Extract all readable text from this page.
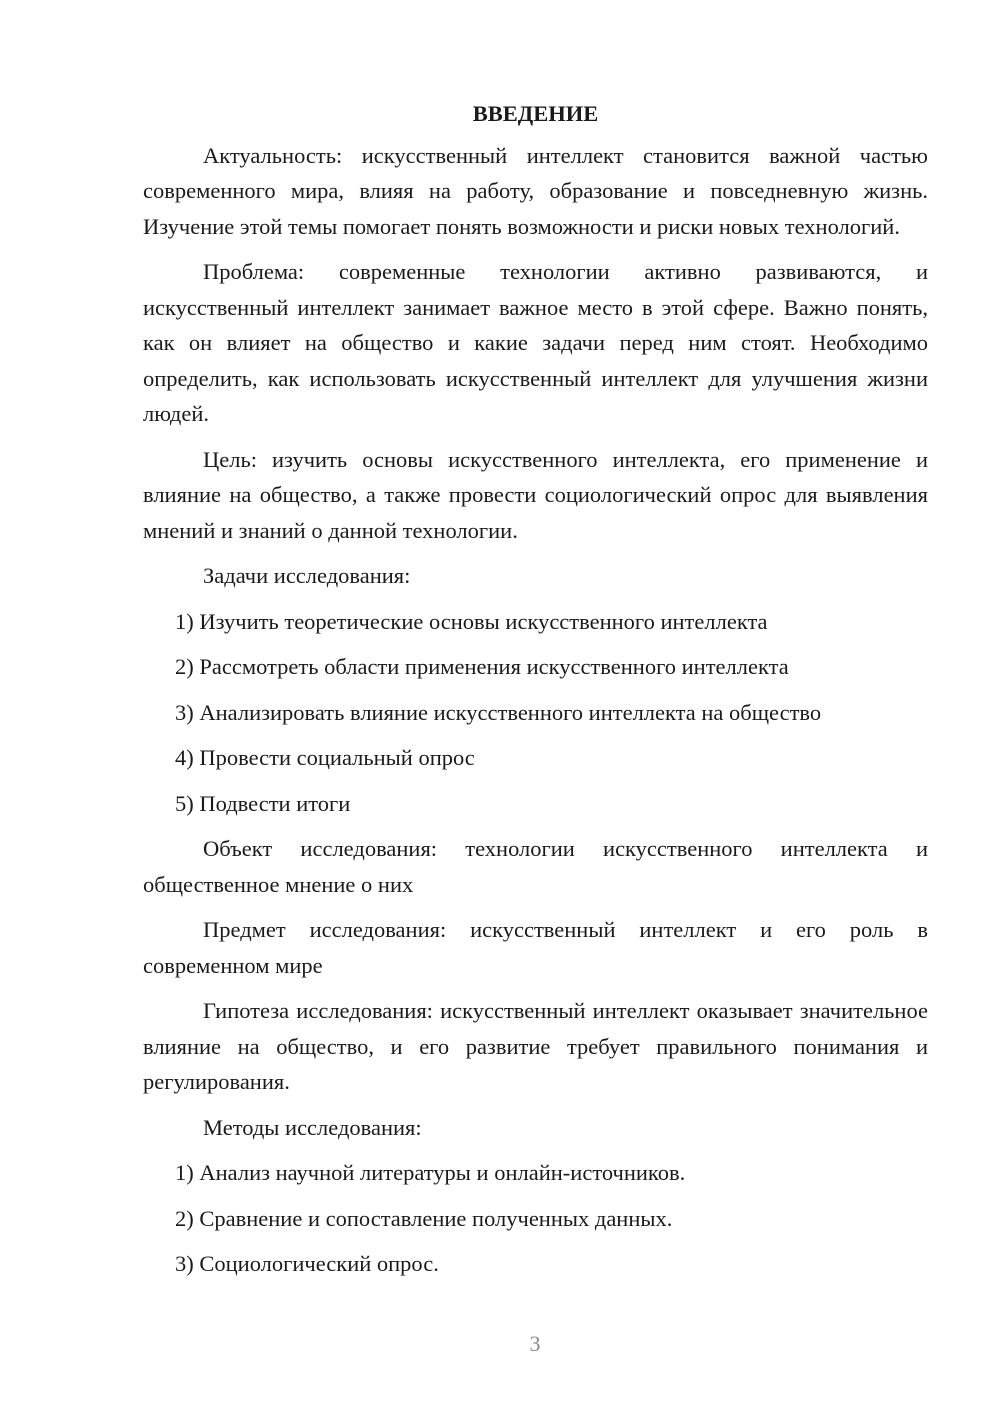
ВВЕДЕНИЕ

Актуальность: искусственный интеллект становится важной частью современного мира, влияя на работу, образование и повседневную жизнь. Изучение этой темы помогает понять возможности и риски новых технологий.

Проблема: современные технологии активно развиваются, и искусственный интеллект занимает важное место в этой сфере. Важно понять, как он влияет на общество и какие задачи перед ним стоят. Необходимо определить, как использовать искусственный интеллект для улучшения жизни людей.

Цель: изучить основы искусственного интеллекта, его применение и влияние на общество, а также провести социологический опрос для выявления мнений и знаний о данной технологии.

Задачи исследования:

1) Изучить теоретические основы искусственного интеллекта
2) Рассмотреть области применения искусственного интеллекта
3) Анализировать влияние искусственного интеллекта на общество
4) Провести социальный опрос
5) Подвести итоги

Объект исследования: технологии искусственного интеллекта и общественное мнение о них

Предмет исследования: искусственный интеллект и его роль в современном мире

Гипотеза исследования: искусственный интеллект оказывает значительное влияние на общество, и его развитие требует правильного понимания и регулирования.

Методы исследования:

1) Анализ научной литературы и онлайн-источников.
2) Сравнение и сопоставление полученных данных.
3) Социологический опрос.
3
